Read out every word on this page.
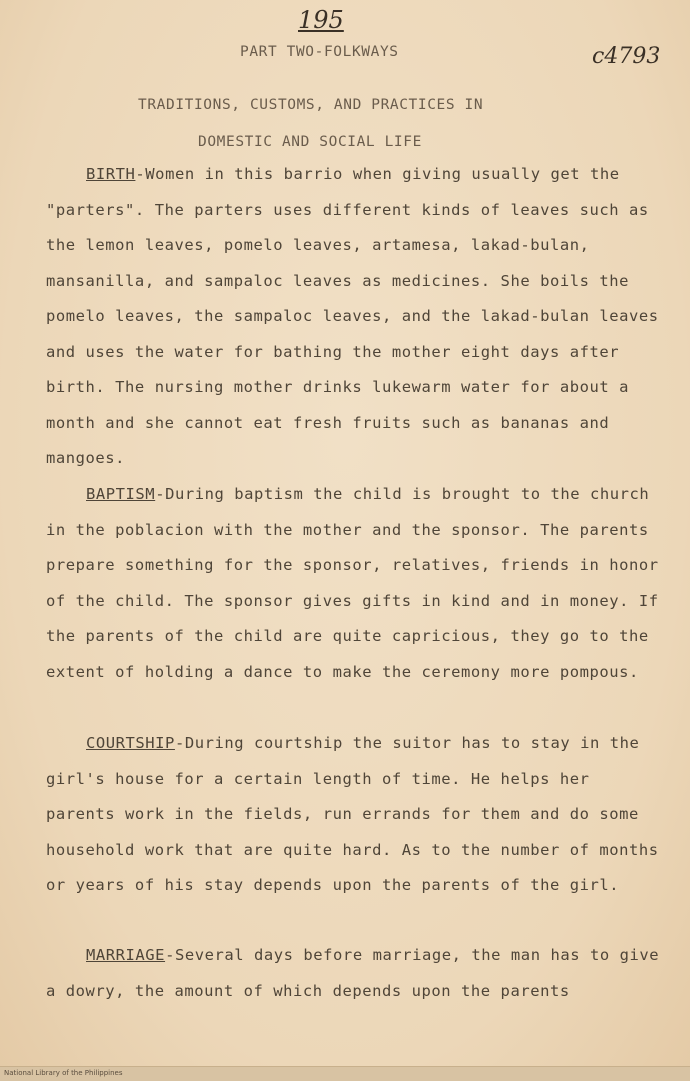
195

c4793

PART TWO-FOLKWAYS

TRADITIONS, CUSTOMS, AND PRACTICES IN

DOMESTIC AND SOCIAL LIFE

BIRTH-Women in this barrio when giving usually get the "parters". The parters uses different kinds of leaves such as the lemon leaves, pomelo leaves, artamesa, lakad-bulan, mansanilla, and sampaloc leaves as medicines. She boils the pomelo leaves, the sampaloc leaves, and the lakad-bulan leaves and uses the water for bathing the mother eight days after birth. The nursing mother drinks lukewarm water for about a month and she cannot eat fresh fruits such as bananas and mangoes.

BAPTISM-During baptism the child is brought to the church in the poblacion with the mother and the sponsor. The parents prepare something for the sponsor, relatives, friends in honor of the child. The sponsor gives gifts in kind and in money. If the parents of the child are quite capricious, they go to the extent of holding a dance to make the ceremony more pompous.

COURTSHIP-During courtship the suitor has to stay in the girl's house for a certain length of time. He helps her parents work in the fields, run errands for them and do some household work that are quite hard. As to the number of months or years of his stay depends upon the parents of the girl.

MARRIAGE-Several days before marriage, the man has to give a dowry, the amount of which depends upon the parents

National Library of the Philippines
